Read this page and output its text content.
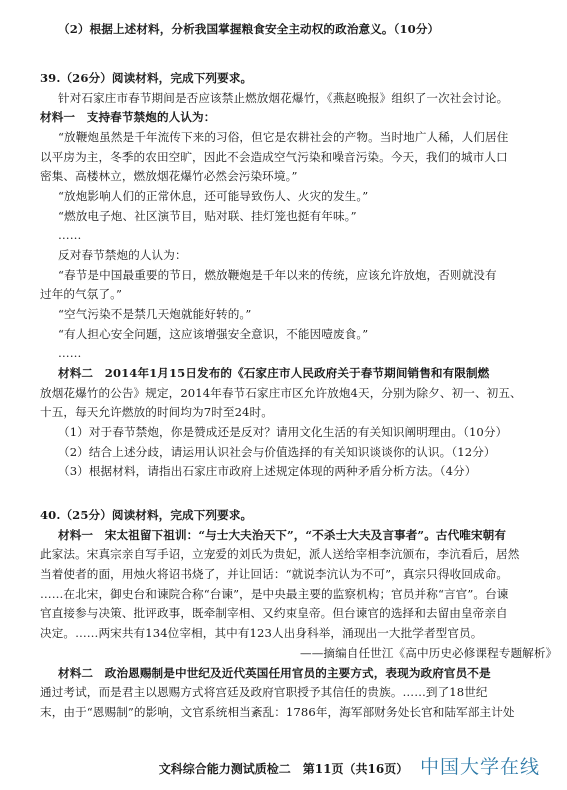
（2）根据上述材料，分析我国掌握粮食安全主动权的政治意义。（10分）
39.（26分）阅读材料，完成下列要求。
针对石家庄市春节期间是否应该禁止燃放烟花爆竹，《燕赵晚报》组织了一次社会讨论。
材料一　支持春节禁炮的人认为：
“放鞭炮虽然是千年流传下来的习俗，但它是农耕社会的产物。当时地广人稀，人们居住
以平房为主，冬季的农田空旷，因此不会造成空气污染和噪音污染。今天，我们的城市人口
密集、高楼林立，燃放烟花爆竹必然会污染环境。”
“放炮影响人们的正常休息，还可能导致伤人、火灾的发生。”
“燃放电子炮、社区演节目，贴对联、挂灯笼也挺有年味。”
……
反对春节禁炮的人认为：
“春节是中国最重要的节日，燃放鞭炮是千年以来的传统，应该允许放炮，否则就没有
过年的气氛了。”
“空气污染不是禁几天炮就能好转的。”
“有人担心安全问题，这应该增强安全意识，不能因噎废食。”
……
材料二　2014年1月15日发布的《石家庄市人民政府关于春节期间销售和有限制燃
放烟花爆竹的公告》规定，2014年春节石家庄市区允许放炮4天，分别为除夕、初一、初五、
十五，每天允许燃放的时间均为7时至24时。
（1）对于春节禁炮，你是赞成还是反对？请用文化生活的有关知识阐明理由。（10分）
（2）结合上述分歧，请运用认识社会与价值选择的有关知识谈谈你的认识。（12分）
（3）根据材料，请指出石家庄市政府上述规定体现的两种矛盾分析方法。（4分）
40.（25分）阅读材料，完成下列要求。
材料一　宋太祖留下祖训：“与士大夫治天下”，“不杀士大夫及言事者”。古代唯宋朝有
此家法。宋真宗亲自写手诏，立宠爱的刘氏为贵妃，派人送给宰相李沆颁布，李沆看后，居然
当着使者的面，用烛火将诏书烧了，并让回话：“就说李沆认为不可”，真宗只得收回成命。
……在北宋，御史台和谏院合称“台谏”，是中央最主要的监察机构；官员并称“言官”。台谏
官直接参与决策、批评政事，既牵制宰相、又约束皇帝。但台谏官的选择和去留由皇帝亲自
决定。……两宋共有134位宰相，其中有123人出身科举，涌现出一大批学者型官员。
——摘编自任世江《高中历史必修课程专题解析》
材料二　政治恩赐制是中世纪及近代英国任用官员的主要方式，表现为政府官员不是
通过考试，而是君主以恩赐方式将宫廷及政府官职授予其信任的贵族。……到了18世纪
末，由于“恩赐制”的影响，文官系统相当紊乱：1786年，海军部财务处长官和陆军部主计处
文科综合能力测试质检二　第11页（共16页） 中国大学在线
